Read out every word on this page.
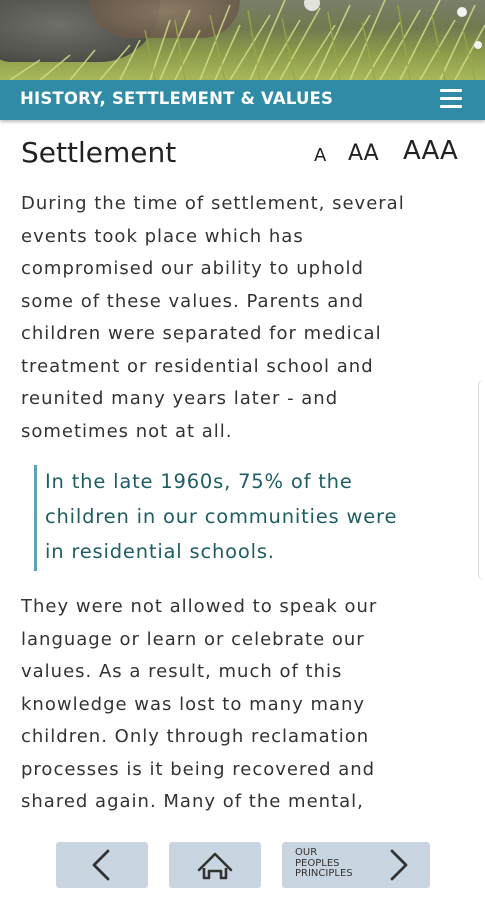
HISTORY, SETTLEMENT & VALUES
Settlement	A AA AAA
During the time of settlement, several
events took place which has
compromised our ability to uphold
some of these values. Parents and
children were separated for medical
treatment or residential school and
reunited many years later - and
sometimes not at all.
In the late 1960s, 75% of the
children in our communities were
in residential schools.
They were not allowed to speak our
language or learn or celebrate our
values. As a result, much of this
knowledge was lost to many many
children. Only through reclamation
processes is it being recovered and
shared again. Many of the mental,
OUR
PEOPLES
PRINCIPLES
